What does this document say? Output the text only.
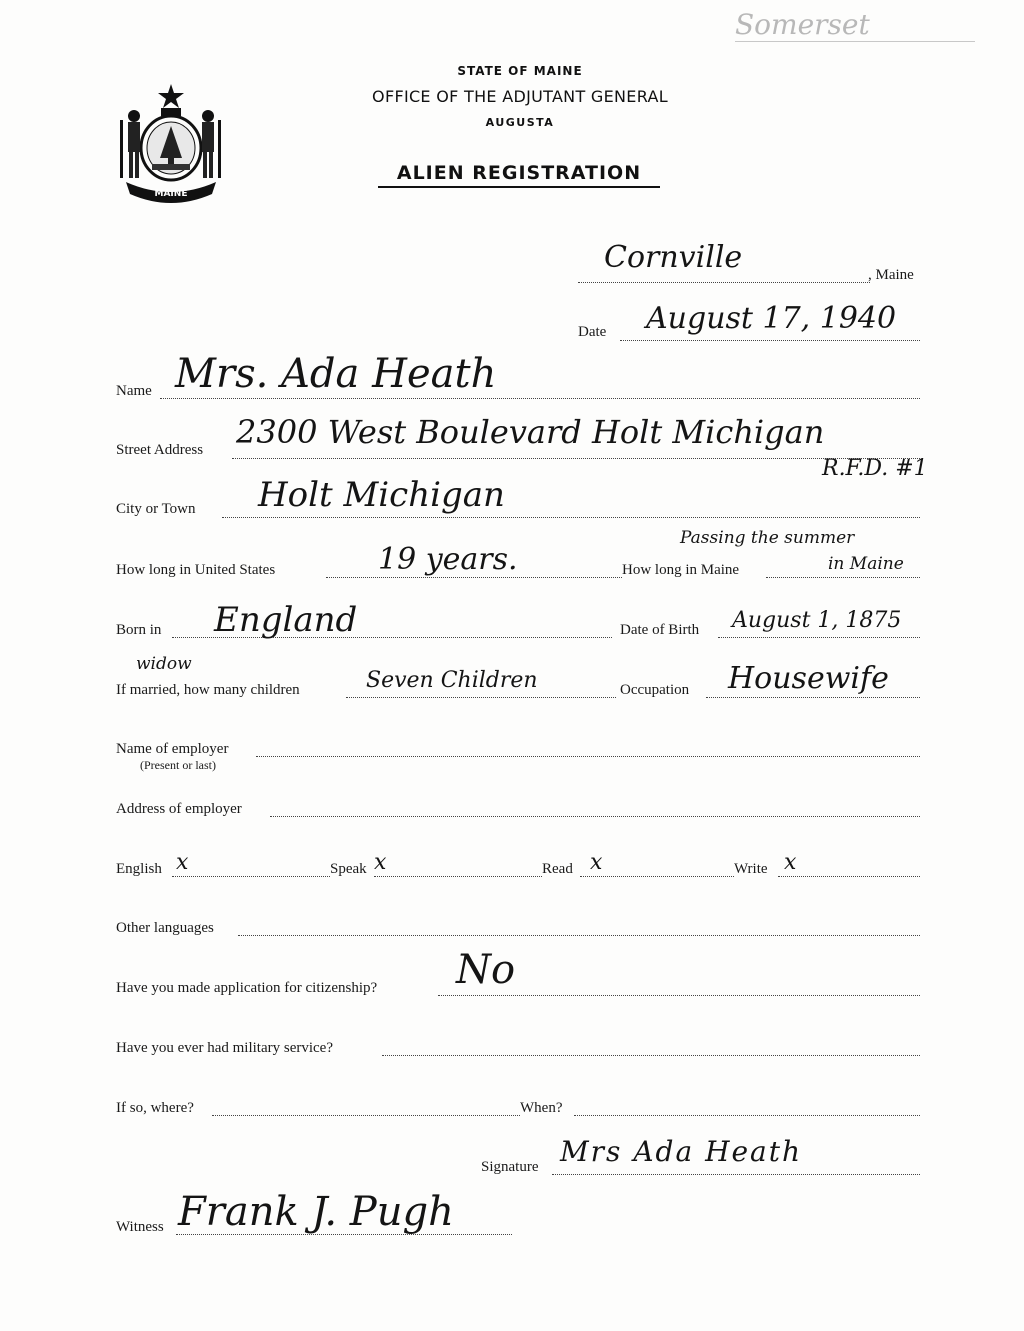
Somerset
MAINE
STATE OF MAINE
OFFICE OF THE ADJUTANT GENERAL
AUGUSTA
ALIEN REGISTRATION
Cornville	, Maine
Date August 17, 1940
Name Mrs. Ada Heath
Street Address 2300 West Boulevard Holt Michigan
R.F.D. #1
City or Town Holt Michigan
How long in United States	19 years.	How long in Maine
Passing the summer
in Maine
Born in England	Date of Birth August 1, 1875
widow
If married, how many children	Seven Children	Occupation Housewife
Name of employer
(Present or last)
Address of employer
English x	Speak x	Read x	Write x
Other languages
Have you made application for citizenship? No
Have you ever had military service?
If so, where?	When?
Signature Mrs Ada Heath
Witness Frank J. Pugh
